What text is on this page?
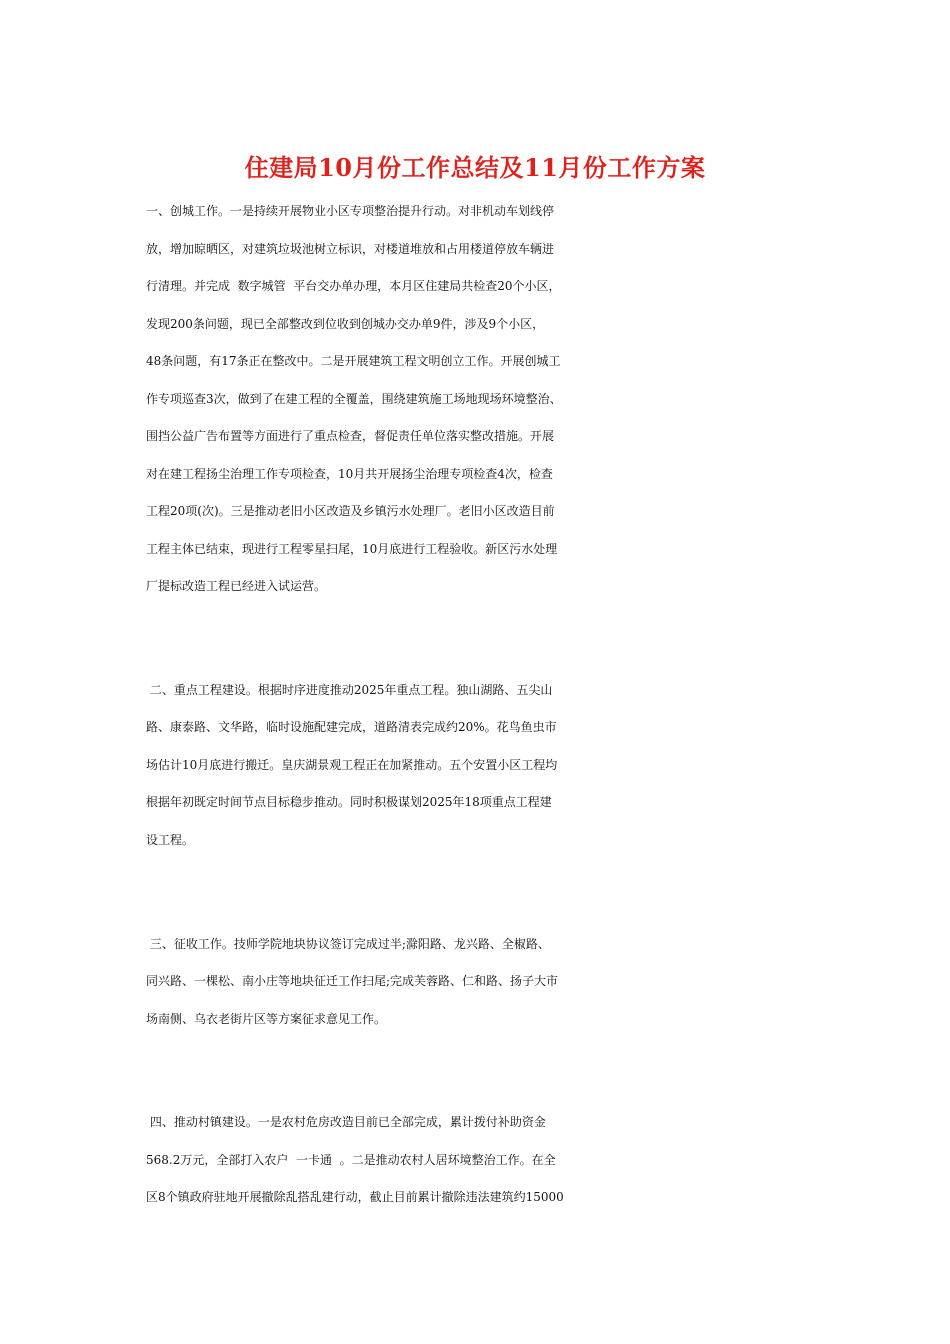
住建局10月份工作总结及11月份工作方案
一、创城工作。一是持续开展物业小区专项整治提升行动。对非机动车划线停
放，增加晾晒区，对建筑垃圾池树立标识，对楼道堆放和占用楼道停放车辆进
行清理。并完成  数字城管  平台交办单办理，本月区住建局共检查20个小区，
发现200条问题，现已全部整改到位收到创城办交办单9件，涉及9个小区，
48条问题，有17条正在整改中。二是开展建筑工程文明创立工作。开展创城工
作专项巡查3次，做到了在建工程的全覆盖，围绕建筑施工场地现场环境整治、
围挡公益广告布置等方面进行了重点检查，督促责任单位落实整改措施。开展
对在建工程扬尘治理工作专项检查，10月共开展扬尘治理专项检查4次，检查
工程20项(次)。三是推动老旧小区改造及乡镇污水处理厂。老旧小区改造目前
工程主体已结束，现进行工程零星扫尾，10月底进行工程验收。新区污水处理
厂提标改造工程已经进入试运营。
二、重点工程建设。根据时序进度推动2025年重点工程。独山湖路、五尖山
路、康泰路、文华路，临时设施配建完成，道路清表完成约20%。花鸟鱼虫市
场估计10月底进行搬迁。皇庆湖景观工程正在加紧推动。五个安置小区工程均
根据年初既定时间节点目标稳步推动。同时积极谋划2025年18项重点工程建
设工程。
三、征收工作。技师学院地块协议签订完成过半;滁阳路、龙兴路、全椒路、
同兴路、一棵松、南小庄等地块征迁工作扫尾;完成芙蓉路、仁和路、扬子大市
场南侧、乌衣老街片区等方案征求意见工作。
四、推动村镇建设。一是农村危房改造目前已全部完成，累计拨付补助资金
568.2万元，全部打入农户  一卡通  。二是推动农村人居环境整治工作。在全
区8个镇政府驻地开展撤除乱搭乱建行动，截止目前累计撤除违法建筑约15000
